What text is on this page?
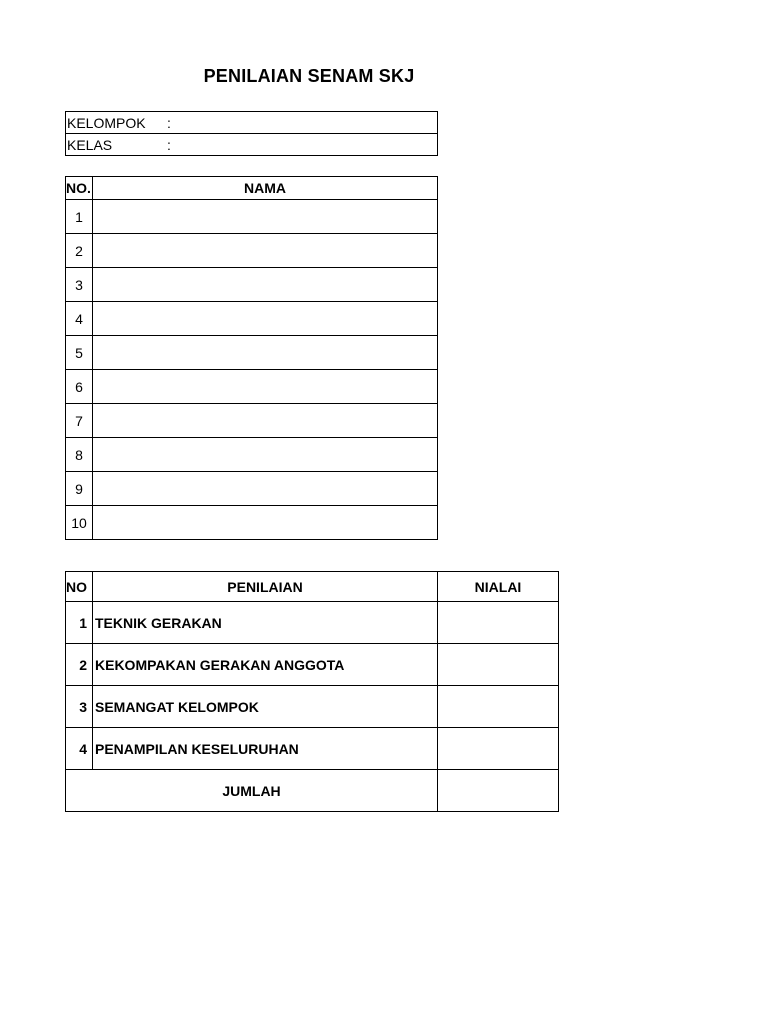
PENILAIAN SENAM SKJ
KELOMPOK :
KELAS	:
NO.	NAMA
1	
2	
3	
4	
5	
6	
7	
8	
9	
10	
NO	PENILAIAN	NIALAI
1	TEKNIK GERAKAN	
2	KEKOMPAKAN GERAKAN ANGGOTA	
3	SEMANGAT KELOMPOK	
4	PENAMPILAN KESELURUHAN	
JUMLAH		
